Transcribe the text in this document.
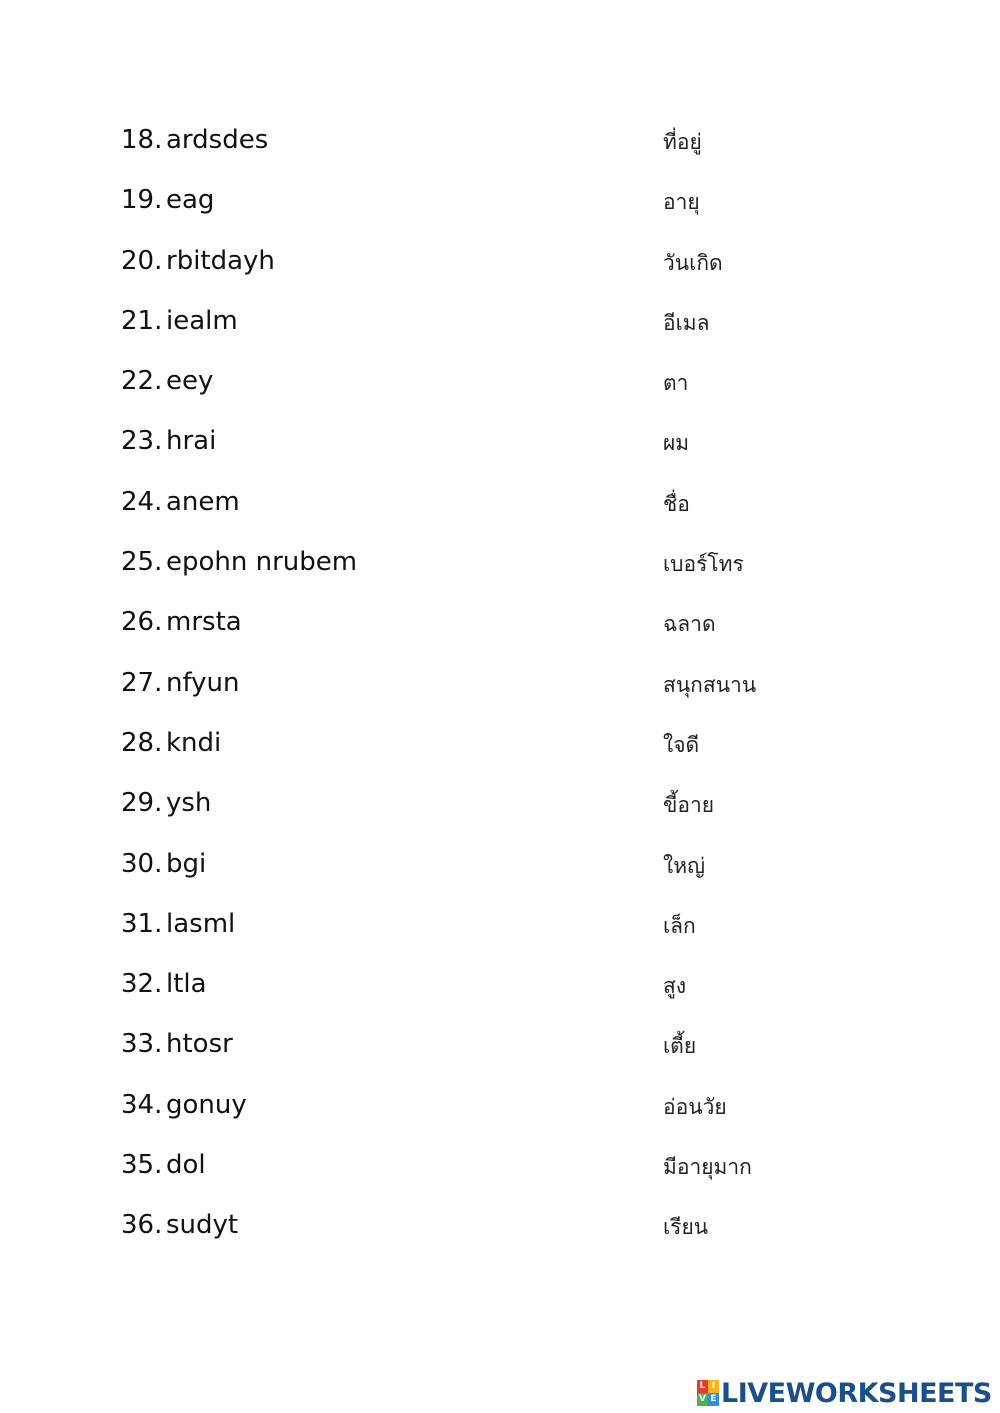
18. ardsdes	ที่อยู่
19. eag	อายุ
20. rbitdayh	วันเกิด
21. iealm	อีเมล
22. eey	ตา
23. hrai	ผม
24. anem	ชื่อ
25. epohn nrubem	เบอร์โทร
26. mrsta	ฉลาด
27. nfyun	สนุกสนาน
28. kndi	ใจดี
29. ysh	ขี้อาย
30. bgi	ใหญ่
31. lasml	เล็ก
32. ltla	สูง
33. htosr	เตี้ย
34. gonuy	อ่อนวัย
35. dol	มีอายุมาก
36. sudyt	เรียน
L I
V E LIVEWORKSHEETS
